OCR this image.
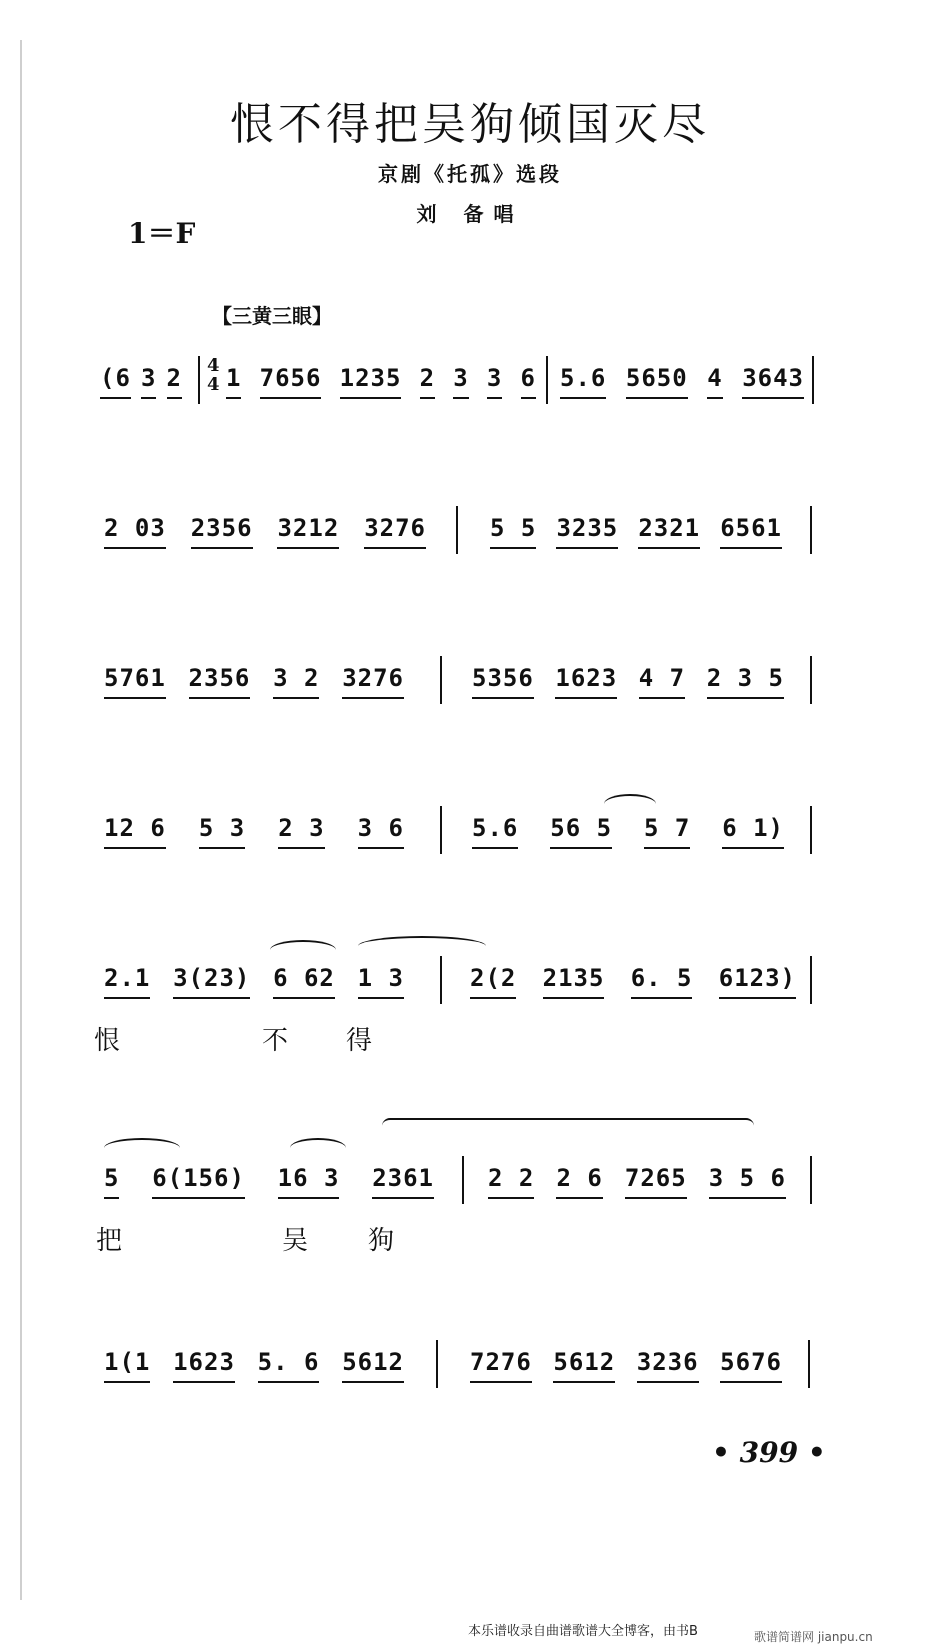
恨不得把吴狗倾国灭尽
京剧《托孤》选段
刘 备唱
1＝F
【三黄三眼】
(6 3 2 4
4 1 7656 1235 2 3 3 6 5.6 5650 4 3643
2 03 2356 3212 3276	5 5 3235 2321 6561
5761 2356 3 2 3276	5356 1623 4 7 2 3 5
12 6 5 3 2 3 3 6	5.6 56 5 5 7 6 1)
2.1 3(23) 6 62 1 3	2(2 2135 6. 5 6123)
恨	不 得
5 6(156) 16 3 2361 2 2 2 6 7265 3 5 6
把	吴 狗
1(1 1623 5. 6 5612	7276 5612 3236 5676
• 399 •
本乐谱收录自曲谱歌谱大全博客，由书B	歌谱简谱网 jianpu.cn
